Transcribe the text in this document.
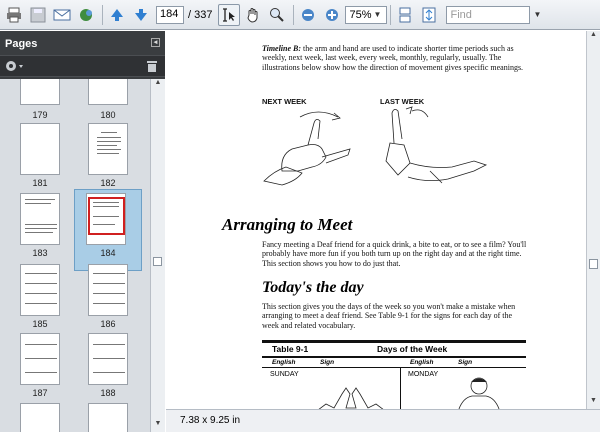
184 / 337	75% ▼	Find	▼
Pages	◂
179	180
181	182
183	184
185	186
187	188
▲
▼
Timeline B: the arm and hand are used to indicate shorter time periods such as weekly, next week, last week, every week, monthly, regularly, usually. The illustrations below show how the direction of movement gives specific meanings.
NEXT WEEK	LAST WEEK
Arranging to Meet
Fancy meeting a Deaf friend for a quick drink, a bite to eat, or to see a film? You'll probably have more fun if you both turn up on the right day and at the right time. This section shows you how to do just that.
Today's the day
This section gives you the days of the week so you won't make a mistake when arranging to meet a deaf friend. See Table 9-1 for the signs for each day of the week and related vocabulary.
Table 9-1	Days of the Week
English	Sign	English	Sign
SUNDAY	MONDAY
▲
▼
7.38 x 9.25 in
